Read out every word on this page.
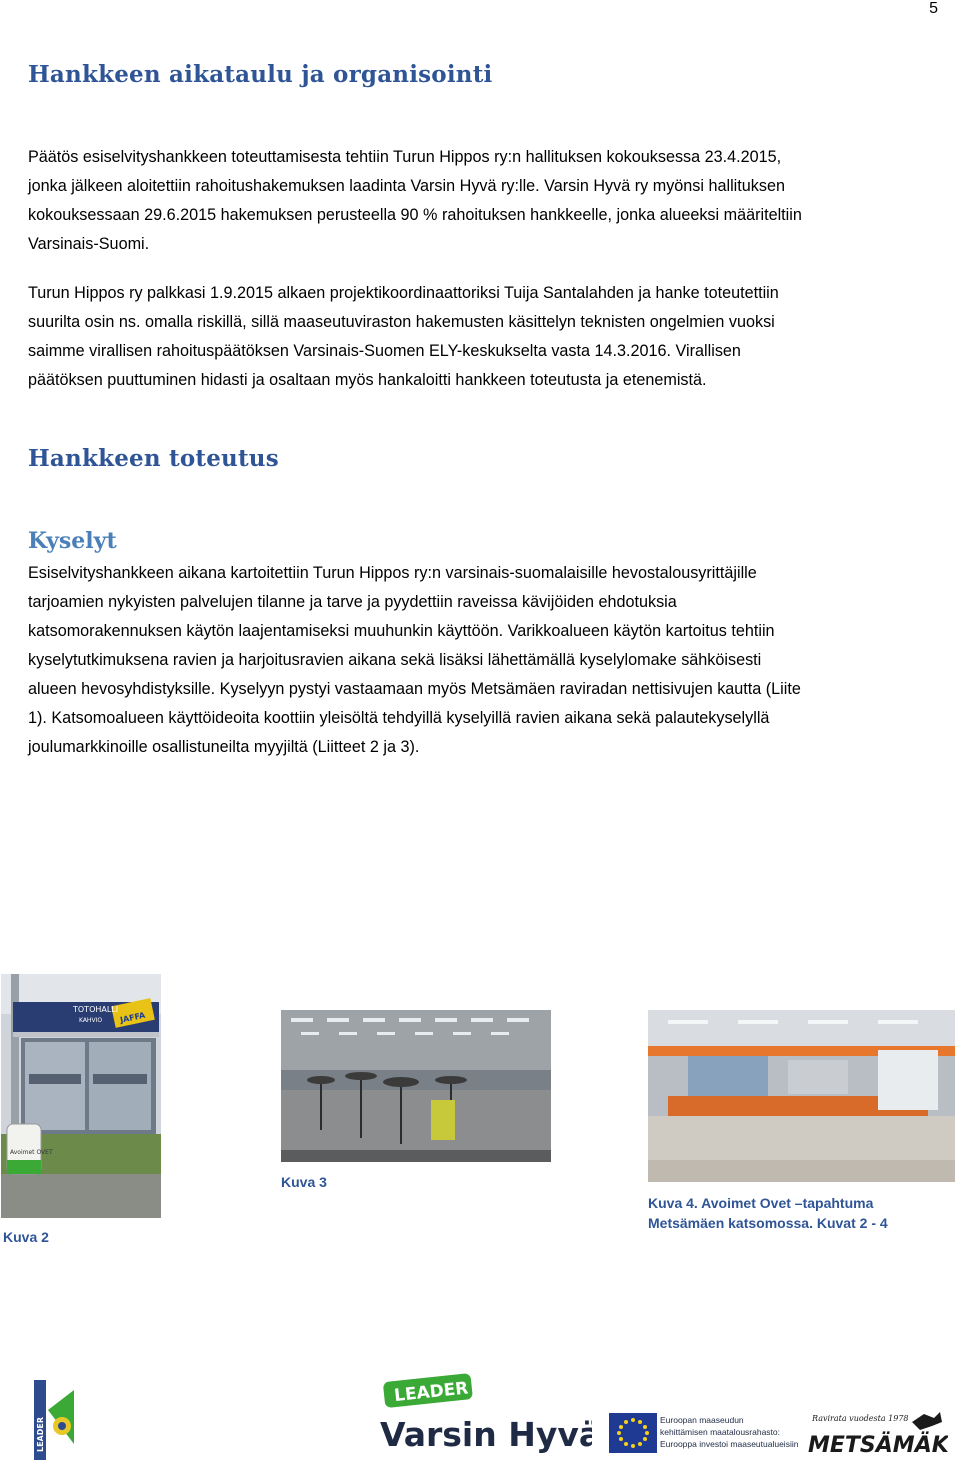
5
Hankkeen aikataulu ja organisointi
Päätös esiselvityshankkeen toteuttamisesta tehtiin Turun Hippos ry:n hallituksen kokouksessa 23.4.2015,
jonka jälkeen aloitettiin rahoitushakemuksen laadinta Varsin Hyvä ry:lle. Varsin Hyvä ry myönsi hallituksen
kokouksessaan 29.6.2015 hakemuksen perusteella 90 % rahoituksen hankkeelle, jonka alueeksi määriteltiin
Varsinais-Suomi.
Turun Hippos ry palkkasi 1.9.2015 alkaen projektikoordinaattoriksi Tuija Santalahden ja hanke toteutettiin
suurilta osin ns. omalla riskillä, sillä maaseutuviraston hakemusten käsittelyn teknisten ongelmien vuoksi
saimme virallisen rahoituspäätöksen Varsinais-Suomen ELY-keskukselta vasta 14.3.2016. Virallisen
päätöksen puuttuminen hidasti ja osaltaan myös hankaloitti hankkeen toteutusta ja etenemistä.
Hankkeen toteutus
Kyselyt
Esiselvityshankkeen aikana kartoitettiin Turun Hippos ry:n varsinais-suomalaisille hevostalousyrittäjille
tarjoamien nykyisten palvelujen tilanne ja tarve ja pyydettiin raveissa kävijöiden ehdotuksia
katsomorakennuksen käytön laajentamiseksi muuhunkin käyttöön. Varikkoalueen käytön kartoitus tehtiin
kyselytutkimuksena ravien ja harjoitusravien aikana sekä lisäksi lähettämällä kyselylomake sähköisesti
alueen hevosyhdistyksille. Kyselyyn pystyi vastaamaan myös Metsämäen raviradan nettisivujen kautta (Liite
1). Katsomoalueen käyttöideoita koottiin yleisöltä tehdyillä kyselyillä ravien aikana sekä palautekyselyllä
joulumarkkinoille osallistuneilta myyjiltä (Liitteet 2 ja 3).
TOTOHALLI
KAHVIO JAFFA
Avoimet OVET
Kuva 2
Kuva 3
Kuva 4. Avoimet Ovet –tapahtuma
Metsämäen katsomossa. Kuvat 2 - 4
LEADER
LEADER
Varsin Hyvä	Euroopan maaseudun
kehittämisen maatalousrahasto:
Eurooppa investoi maaseutualueisiin
Ravirata vuodesta 1978
METSÄMÄKI
